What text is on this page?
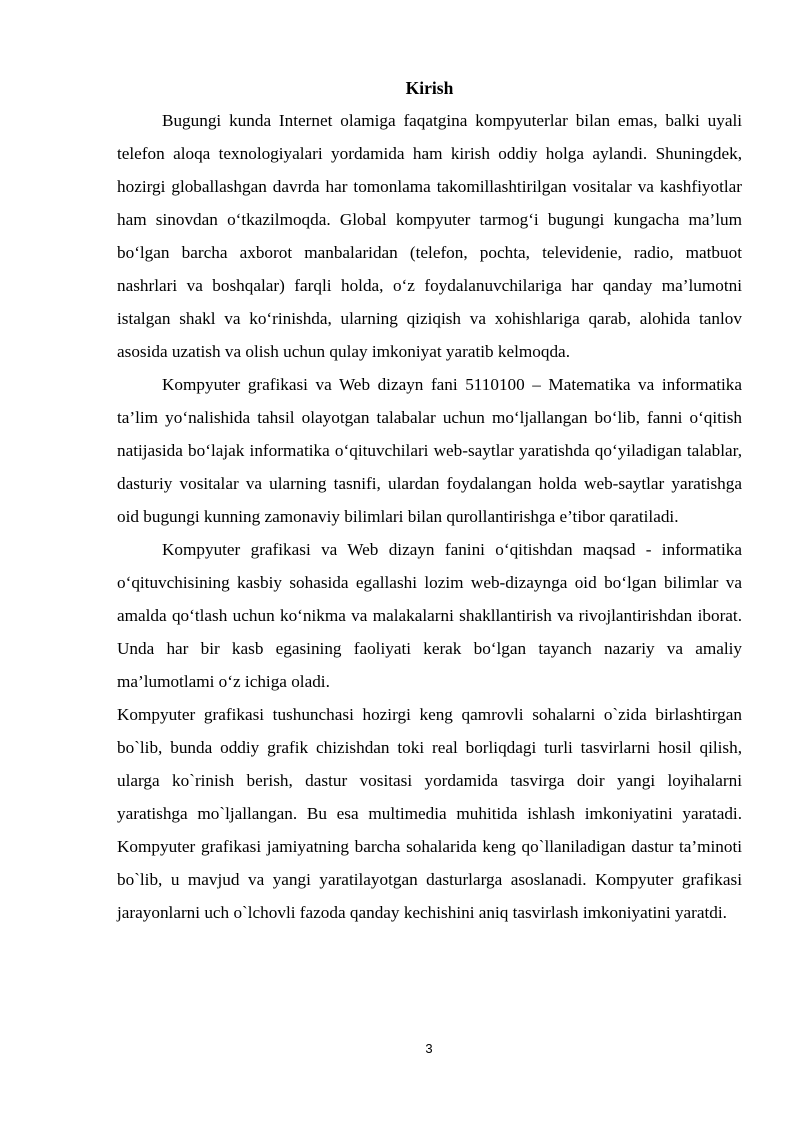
Kirish

Bugungi kunda Internet olamiga faqatgina kompyuterlar bilan emas, balki uyali telefon aloqa texnologiyalari yordamida ham kirish oddiy holga aylandi. Shuningdek, hozirgi globallashgan davrda har tomonlama takomillashtirilgan vositalar va kashfiyotlar ham sinovdan o‘tkazilmoqda. Global kompyuter tarmog‘i bugungi kungacha ma’lum bo‘lgan barcha axborot manbalaridan (telefon, pochta, televidenie, radio, matbuot nashrlari va boshqalar) farqli holda, o‘z foydalanuvchilariga har qanday ma’lumotni istalgan shakl va ko‘rinishda, ularning qiziqish va xohishlariga qarab, alohida tanlov asosida uzatish va olish uchun qulay imkoniyat yaratib kelmoqda.

Kompyuter grafikasi va Web dizayn fani 5110100 – Matematika va informatika ta’lim yo‘nalishida tahsil olayotgan talabalar uchun mo‘ljallangan bo‘lib, fanni o‘qitish natijasida bo‘lajak informatika o‘qituvchilari web-saytlar yaratishda qo‘yiladigan talablar, dasturiy vositalar va ularning tasnifi, ulardan foydalangan holda web-saytlar yaratishga oid bugungi kunning zamonaviy bilimlari bilan qurollantirishga e’tibor qaratiladi.

Kompyuter grafikasi va Web dizayn fanini o‘qitishdan maqsad - informatika o‘qituvchisining kasbiy sohasida egallashi lozim web-dizaynga oid bo‘lgan bilimlar va amalda qo‘tlash uchun ko‘nikma va malakalarni shakllantirish va rivojlantirishdan iborat. Unda har bir kasb egasining faoliyati kerak bo‘lgan tayanch nazariy va amaliy ma’lumotlami o‘z ichiga oladi.

Kompyuter grafikasi tushunchasi hozirgi keng qamrovli sohalarni o`zida birlashtirgan bo`lib, bunda oddiy grafik chizishdan toki real borliqdagi turli tasvirlarni hosil qilish, ularga ko`rinish berish, dastur vositasi yordamida tasvirga doir yangi loyihalarni yaratishga mo`ljallangan. Bu esa multimedia muhitida ishlash imkoniyatini yaratadi. Kompyuter grafikasi jamiyatning barcha sohalarida keng qo`llaniladigan dastur ta’minoti bo`lib, u mavjud va yangi yaratilayotgan dasturlarga asoslanadi. Kompyuter grafikasi jarayonlarni uch o`lchovli fazoda qanday kechishini aniq tasvirlash imkoniyatini yaratdi.

3
